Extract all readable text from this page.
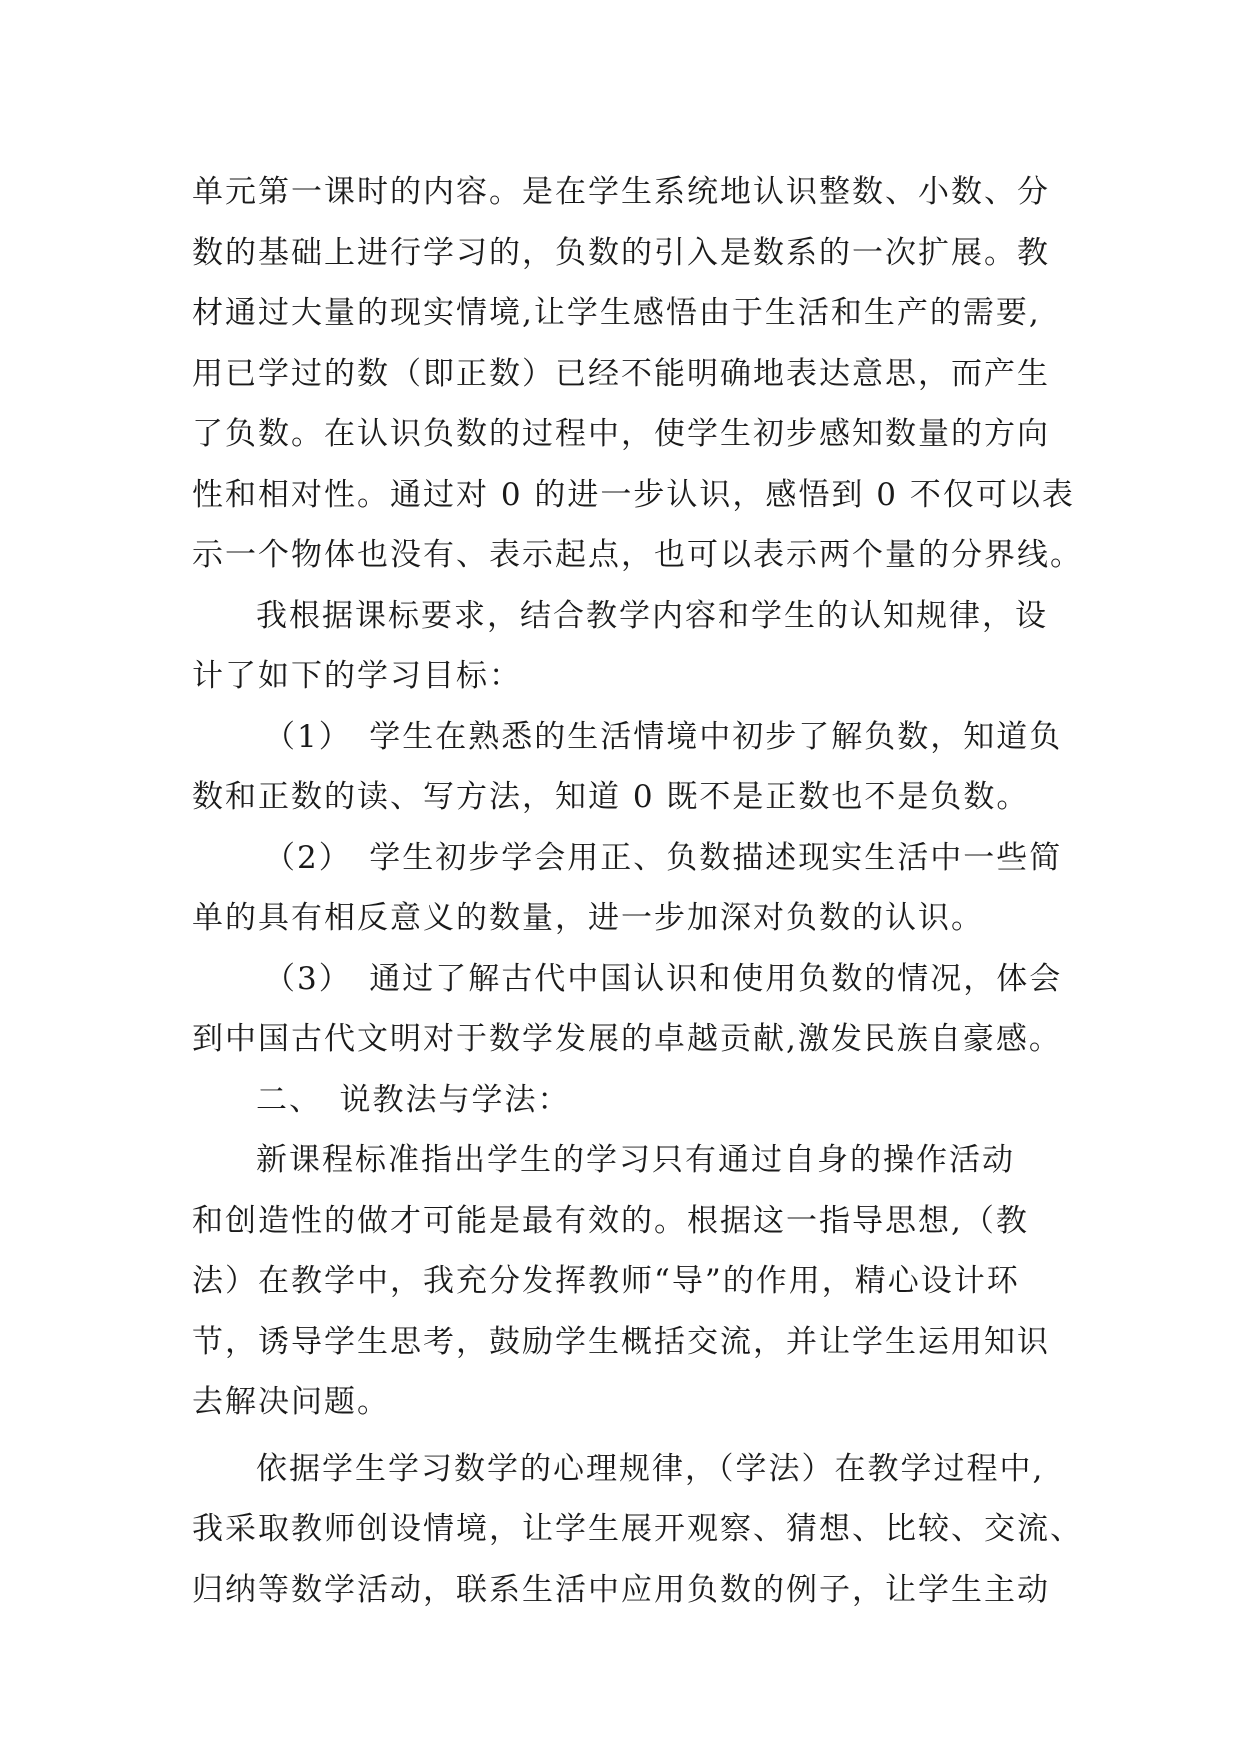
单元第一课时的内容。是在学生系统地认识整数、小数、分
数的基础上进行学习的，负数的引入是数系的一次扩展。教
材通过大量的现实情境,让学生感悟由于生活和生产的需要,
用已学过的数（即正数）已经不能明确地表达意思，而产生
了负数。在认识负数的过程中，使学生初步感知数量的方向
性和相对性。通过对 0 的进一步认识，感悟到 0 不仅可以表
示一个物体也没有、表示起点，也可以表示两个量的分界线。
我根据课标要求，结合教学内容和学生的认知规律，设
计了如下的学习目标：
（1）　学生在熟悉的生活情境中初步了解负数，知道负
数和正数的读、写方法，知道 0 既不是正数也不是负数。
（2）　学生初步学会用正、负数描述现实生活中一些简
单的具有相反意义的数量，进一步加深对负数的认识。
（3）　通过了解古代中国认识和使用负数的情况，体会
到中国古代文明对于数学发展的卓越贡献,激发民族自豪感。
二、　说教法与学法：
新课程标准指出学生的学习只有通过自身的操作活动
和创造性的做才可能是最有效的。根据这一指导思想,（教
法）在教学中，我充分发挥教师“导”的作用，精心设计环
节，诱导学生思考，鼓励学生概括交流，并让学生运用知识
去解决问题。
依据学生学习数学的心理规律，（学法）在教学过程中,
我采取教师创设情境，让学生展开观察、猜想、比较、交流、
归纳等数学活动，联系生活中应用负数的例子，让学生主动
